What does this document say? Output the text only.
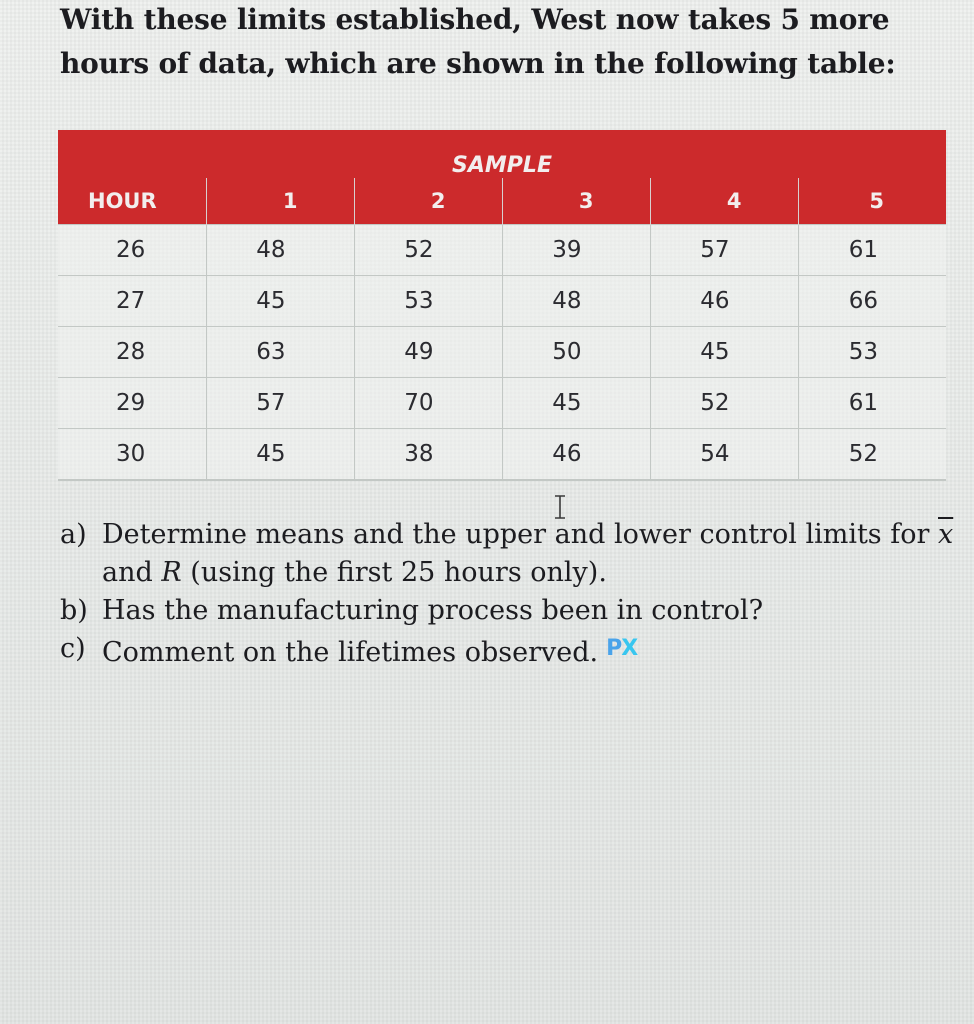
With these limits established, West now takes 5 more hours of data, which are shown in the following table:

SAMPLE					
HOUR	1	2	3	4	5
26	48	52	39	57	61
27	45	53	48	46	66
28	63	49	50	45	53
29	57	70	45	52	61
30	45	38	46	54	52
a) Determine means and the upper and lower control limits for $\overline{x}$ and R (using the first 25 hours only).
b) Has the manufacturing process been in control?
c) Comment on the lifetimes observed. PX
